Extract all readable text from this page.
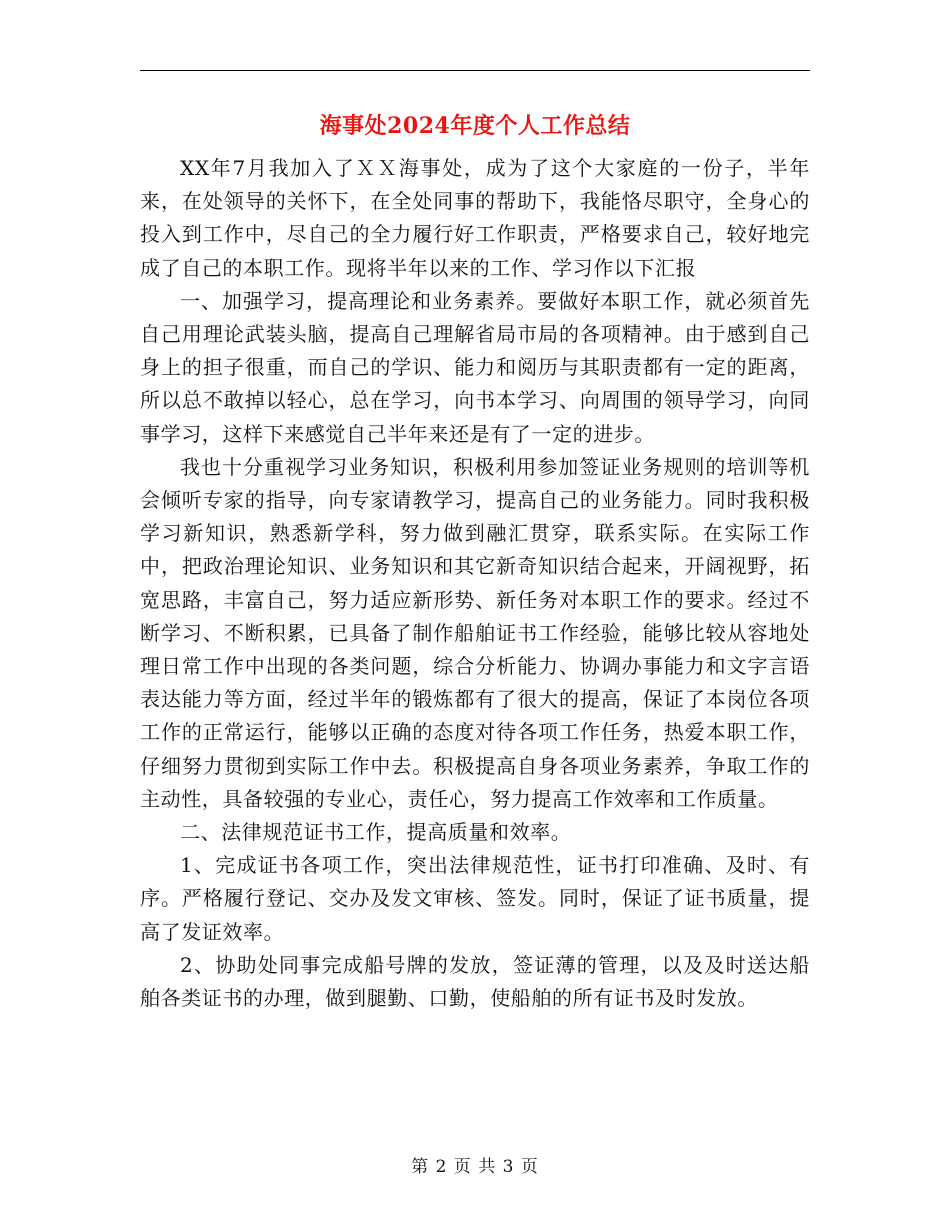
海事处2024年度个人工作总结

XX年7月我加入了ＸＸ海事处，成为了这个大家庭的一份子，半年来，在处领导的关怀下，在全处同事的帮助下，我能恪尽职守，全身心的投入到工作中，尽自己的全力履行好工作职责，严格要求自己，较好地完成了自己的本职工作。现将半年以来的工作、学习作以下汇报

一、加强学习，提高理论和业务素养。要做好本职工作，就必须首先自己用理论武装头脑，提高自己理解省局市局的各项精神。由于感到自己身上的担子很重，而自己的学识、能力和阅历与其职责都有一定的距离，所以总不敢掉以轻心，总在学习，向书本学习、向周围的领导学习，向同事学习，这样下来感觉自己半年来还是有了一定的进步。

我也十分重视学习业务知识，积极利用参加签证业务规则的培训等机会倾听专家的指导，向专家请教学习，提高自己的业务能力。同时我积极学习新知识，熟悉新学科，努力做到融汇贯穿，联系实际。在实际工作中，把政治理论知识、业务知识和其它新奇知识结合起来，开阔视野，拓宽思路，丰富自己，努力适应新形势、新任务对本职工作的要求。经过不断学习、不断积累，已具备了制作船舶证书工作经验，能够比较从容地处理日常工作中出现的各类问题，综合分析能力、协调办事能力和文字言语表达能力等方面，经过半年的锻炼都有了很大的提高，保证了本岗位各项工作的正常运行，能够以正确的态度对待各项工作任务，热爱本职工作，仔细努力贯彻到实际工作中去。积极提高自身各项业务素养，争取工作的主动性，具备较强的专业心，责任心，努力提高工作效率和工作质量。

二、法律规范证书工作，提高质量和效率。

1、完成证书各项工作，突出法律规范性，证书打印准确、及时、有序。严格履行登记、交办及发文审核、签发。同时，保证了证书质量，提高了发证效率。

2、协助处同事完成船号牌的发放，签证薄的管理，以及及时送达船舶各类证书的办理，做到腿勤、口勤，使船舶的所有证书及时发放。

第 2 页 共 3 页
